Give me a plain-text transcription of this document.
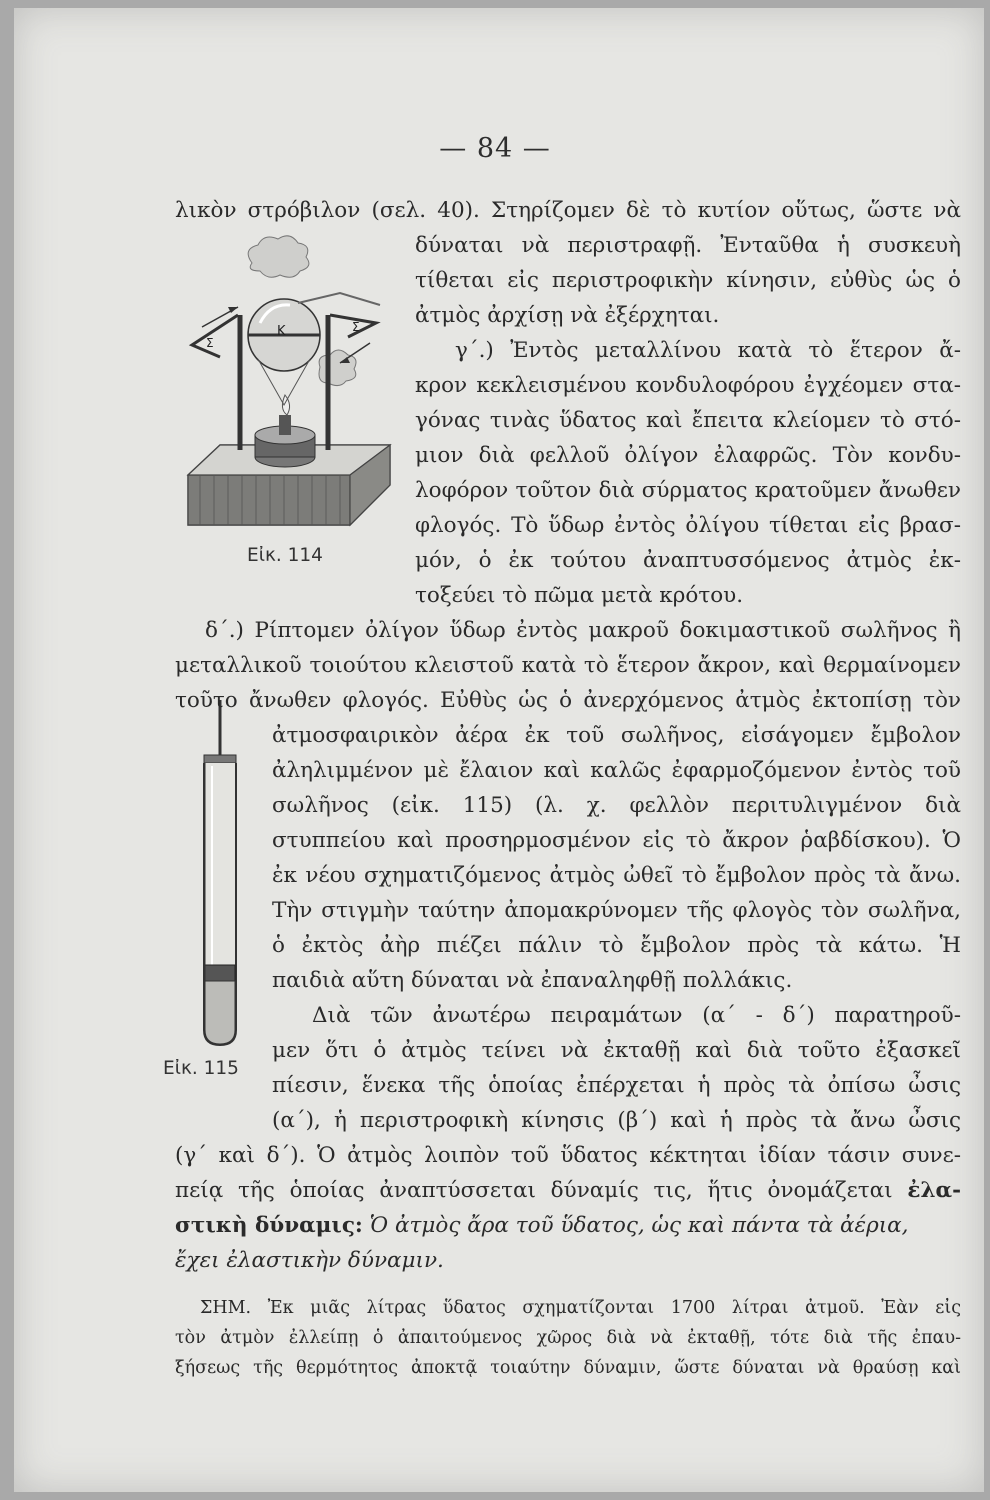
— 84 —
Κ	Σ
Σ
Εἰκ. 114
Εἰκ. 115
λικὸν στρόβιλον (σελ. 40). Στηρίζομεν δὲ τὸ κυτίον οὕτως, ὥστε νὰ
δύναται νὰ περιστραφῇ. Ἐνταῦθα ἡ συσκευὴ
τίθεται εἰς περιστροφικὴν κίνησιν, εὐθὺς ὡς ὁ
ἀτμὸς ἀρχίσῃ νὰ ἐξέρχηται.
γ´.) Ἐντὸς μεταλλίνου κατὰ τὸ ἕτερον ἄ-
κρον κεκλεισμένου κονδυλοφόρου ἐγχέομεν στα-
γόνας τινὰς ὕδατος καὶ ἔπειτα κλείομεν τὸ στό-
μιον διὰ φελλοῦ ὀλίγον ἐλαφρῶς. Τὸν κονδυ-
λοφόρον τοῦτον διὰ σύρματος κρατοῦμεν ἄνωθεν
φλογός. Τὸ ὕδωρ ἐντὸς ὀλίγου τίθεται εἰς βρασ-
μόν, ὁ ἐκ τούτου ἀναπτυσσόμενος ἀτμὸς ἐκ-
τοξεύει τὸ πῶμα μετὰ κρότου.
δ´.) Ρίπτομεν ὀλίγον ὕδωρ ἐντὸς μακροῦ δοκιμαστικοῦ σωλῆνος ἢ
μεταλλικοῦ τοιούτου κλειστοῦ κατὰ τὸ ἕτερον ἄκρον, καὶ θερμαίνομεν
τοῦτο ἄνωθεν φλογός. Εὐθὺς ὡς ὁ ἀνερχόμενος ἀτμὸς ἐκτοπίσῃ τὸν
ἀτμοσφαιρικὸν ἀέρα ἐκ τοῦ σωλῆνος, εἰσάγομεν ἔμβολον
ἀληλιμμένον μὲ ἔλαιον καὶ καλῶς ἐφαρμοζόμενον ἐντὸς τοῦ
σωλῆνος (εἰκ. 115) (λ. χ. φελλὸν περιτυλιγμένον διὰ
στυππείου καὶ προσηρμοσμένον εἰς τὸ ἄκρον ῥαβδίσκου). Ὁ
ἐκ νέου σχηματιζόμενος ἀτμὸς ὠθεῖ τὸ ἔμβολον πρὸς τὰ ἄνω.
Τὴν στιγμὴν ταύτην ἀπομακρύνομεν τῆς φλογὸς τὸν σωλῆνα,
ὁ ἐκτὸς ἀὴρ πιέζει πάλιν τὸ ἔμβολον πρὸς τὰ κάτω. Ἡ
παιδιὰ αὕτη δύναται νὰ ἐπαναληφθῇ πολλάκις.
Διὰ τῶν ἀνωτέρω πειραμάτων (α´ - δ´) παρατηροῦ-
μεν ὅτι ὁ ἀτμὸς τείνει νὰ ἐκταθῇ καὶ διὰ τοῦτο ἐξασκεῖ
πίεσιν, ἕνεκα τῆς ὁποίας ἐπέρχεται ἡ πρὸς τὰ ὀπίσω ὦσις
(α´), ἡ περιστροφικὴ κίνησις (β´) καὶ ἡ πρὸς τὰ ἄνω ὦσις
(γ´ καὶ δ´). Ὁ ἀτμὸς λοιπὸν τοῦ ὕδατος κέκτηται ἰδίαν τάσιν συνε-
πείᾳ τῆς ὁποίας ἀναπτύσσεται δύναμίς τις, ἥτις ὀνομάζεται ἐλα-
στικὴ δύναμις: Ὁ ἀτμὸς ἄρα τοῦ ὕδατος, ὡς καὶ πάντα τὰ ἀέρια,
ἔχει ἐλαστικὴν δύναμιν.
ΣΗΜ. Ἐκ μιᾶς λίτρας ὕδατος σχηματίζονται 1700 λίτραι ἀτμοῦ. Ἐὰν εἰς
τὸν ἀτμὸν ἐλλείπῃ ὁ ἀπαιτούμενος χῶρος διὰ νὰ ἐκταθῇ, τότε διὰ τῆς ἐπαυ-
ξήσεως τῆς θερμότητος ἀποκτᾷ τοιαύτην δύναμιν, ὥστε δύναται νὰ θραύσῃ καὶ
